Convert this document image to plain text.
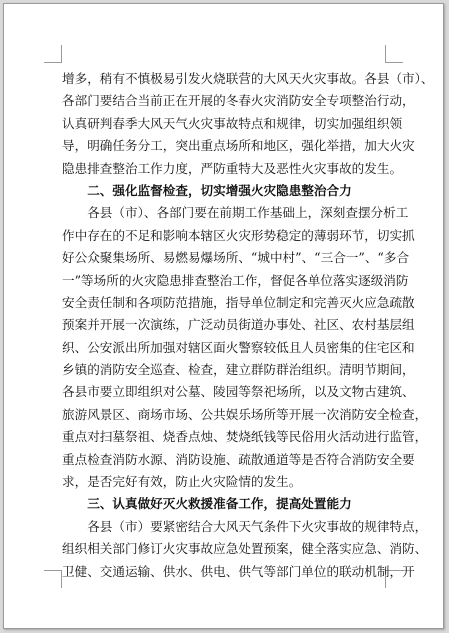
增多，稍有不慎极易引发火烧联营的大风天火灾事故。各县（市）、
各部门要结合当前正在开展的冬春火灾消防安全专项整治行动，
认真研判春季大风天气火灾事故特点和规律，切实加强组织领
导，明确任务分工，突出重点场所和地区，强化举措，加大火灾
隐患排查整治工作力度，严防重特大及恶性火灾事故的发生。
　　二、强化监督检查，切实增强火灾隐患整治合力
　　各县（市）、各部门要在前期工作基础上，深刻查摆分析工
作中存在的不足和影响本辖区火灾形势稳定的薄弱环节，切实抓
好公众聚集场所、易燃易爆场所、“城中村”、“三合一”、“多合
一”等场所的火灾隐患排查整治工作，督促各单位落实逐级消防
安全责任制和各项防范措施，指导单位制定和完善灭火应急疏散
预案并开展一次演练，广泛动员街道办事处、社区、农村基层组
织、公安派出所加强对辖区面火警察较低且人员密集的住宅区和
乡镇的消防安全巡查、检查，建立群防群治组织。清明节期间，
各县市要立即组织对公墓、陵园等祭祀场所，以及文物古建筑、
旅游风景区、商场市场、公共娱乐场所等开展一次消防安全检查，
重点对扫墓祭祖、烧香点烛、焚烧纸钱等民俗用火活动进行监管，
重点检查消防水源、消防设施、疏散通道等是否符合消防安全要
求，是否完好有效，防止火灾险情的发生。
　　三、认真做好灭火救援准备工作，提高处置能力
　　各县（市）要紧密结合大风天气条件下火灾事故的规律特点，
组织相关部门修订火灾事故应急处置预案，健全落实应急、消防、
卫健、交通运输、供水、供电、供气等部门单位的联动机制，开
